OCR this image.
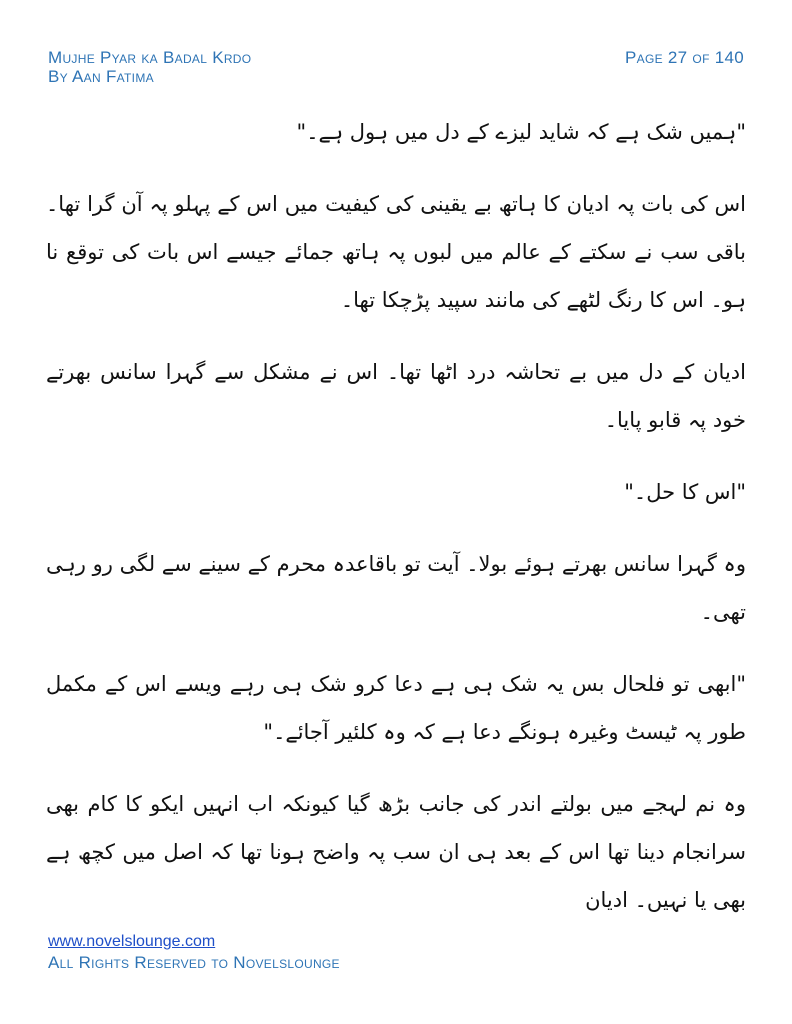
Mujhe Pyar ka Badal Krdo	Page 27 of 140
By Aan Fatima

"ہمیں شک ہے کہ شاید لیزے کے دل میں ہول ہے۔"

اس کی بات پہ ادیان کا ہاتھ بے یقینی کی کیفیت میں اس کے پہلو پہ آن گرا تھا۔ باقی سب نے سکتے کے عالم میں لبوں پہ ہاتھ جمائے جیسے اس بات کی توقع نا ہو۔ اس کا رنگ لٹھے کی مانند سپید پڑچکا تھا۔

ادیان کے دل میں بے تحاشہ درد اٹھا تھا۔ اس نے مشکل سے گہرا سانس بھرتے خود پہ قابو پایا۔

"اس کا حل۔"

وہ گہرا سانس بھرتے ہوئے بولا۔ آیت تو باقاعدہ محرم کے سینے سے لگی رو رہی تھی۔

"ابھی تو فلحال بس یہ شک ہی ہے دعا کرو شک ہی رہے ویسے اس کے مکمل طور پہ ٹیسٹ وغیرہ ہونگے دعا ہے کہ وہ کلئیر آجائے۔"

وہ نم لہجے میں بولتے اندر کی جانب بڑھ گیا کیونکہ اب انہیں ایکو کا کام بھی سرانجام دینا تھا اس کے بعد ہی ان سب پہ واضح ہونا تھا کہ اصل میں کچھ ہے بھی یا نہیں۔ ادیان

www.novelslounge.com
All Rights Reserved to Novelslounge
